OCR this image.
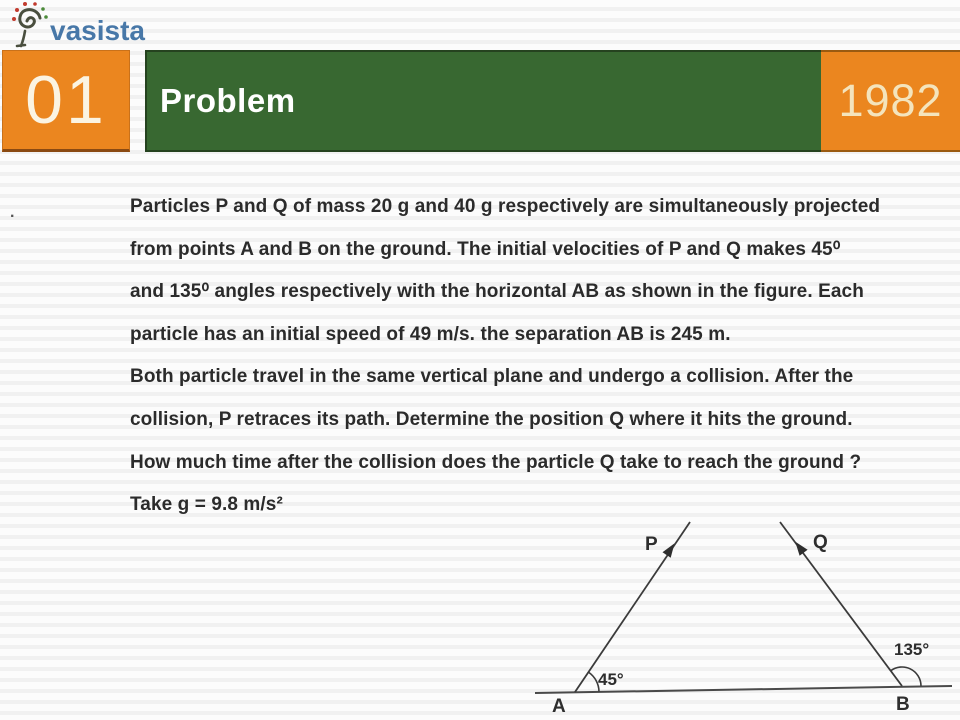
vasista
01 Problem	1982
.	Particles P and Q of mass 20 g and 40 g respectively are simultaneously projected
from points A and B on the ground. The initial velocities of P and Q makes 45⁰
and 135⁰ angles respectively with the horizontal AB as shown in the figure. Each
particle has an initial speed of 49 m/s. the separation AB is 245 m.
Both particle travel in the same vertical plane and undergo a collision. After the
collision, P retraces its path. Determine the position Q where it hits the ground.
How much time after the collision does the particle Q take to reach the ground ?
Take g = 9.8 m/s²
P	Q
A	B
45°
135°
